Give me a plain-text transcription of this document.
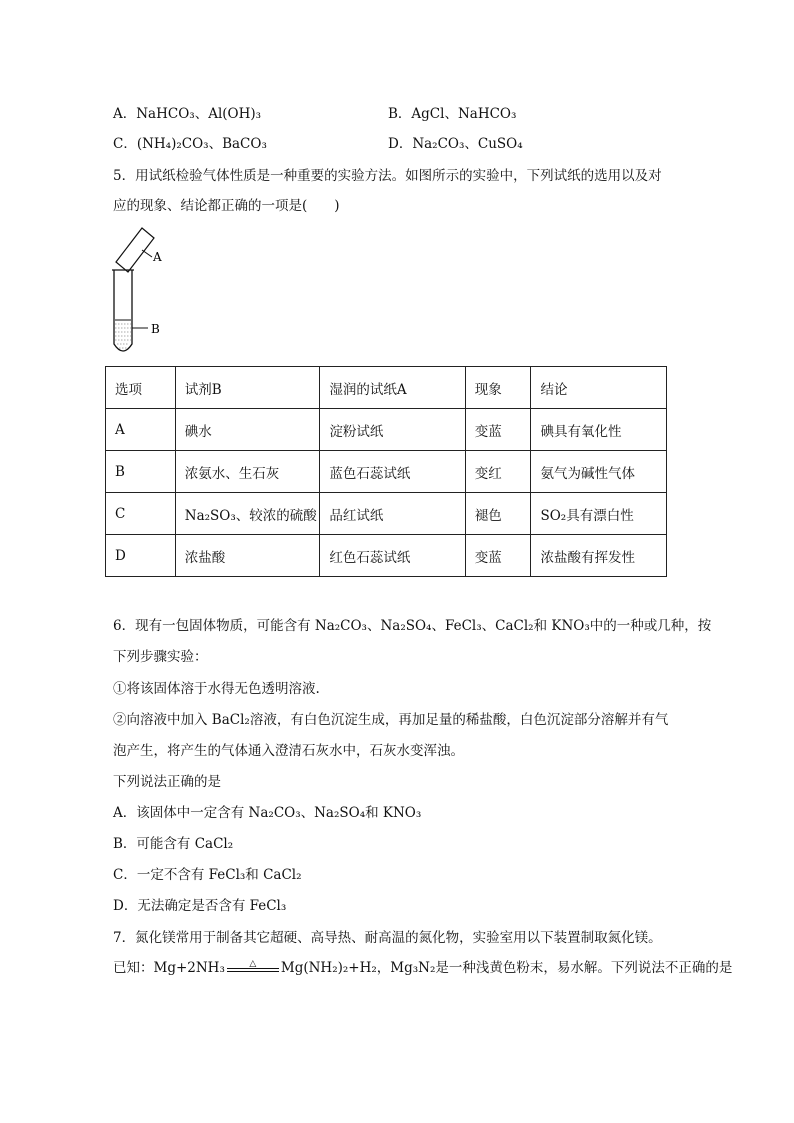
A．NaHCO₃、Al(OH)₃	B．AgCl、NaHCO₃
C．(NH₄)₂CO₃、BaCO₃	D．Na₂CO₃、CuSO₄
5．用试纸检验气体性质是一种重要的实验方法。如图所示的实验中，下列试纸的选用以及对
应的现象、结论都正确的一项是(　　)
A
B
选项	试剂B	湿润的试纸A	现象	结论
A	碘水	淀粉试纸	变蓝	碘具有氧化性
B	浓氨水、生石灰	蓝色石蕊试纸	变红	氨气为碱性气体
C	Na₂SO₃、较浓的硫酸	品红试纸	褪色	SO₂具有漂白性
D	浓盐酸	红色石蕊试纸	变蓝	浓盐酸有挥发性
6．现有一包固体物质，可能含有 Na₂CO₃、Na₂SO₄、FeCl₃、CaCl₂和 KNO₃中的一种或几种，按
下列步骤实验：
①将该固体溶于水得无色透明溶液.
②向溶液中加入 BaCl₂溶液，有白色沉淀生成，再加足量的稀盐酸，白色沉淀部分溶解并有气
泡产生，将产生的气体通入澄清石灰水中，石灰水变浑浊。
下列说法正确的是
A．该固体中一定含有 Na₂CO₃、Na₂SO₄和 KNO₃
B．可能含有 CaCl₂
C．一定不含有 FeCl₃和 CaCl₂
D．无法确定是否含有 FeCl₃
7．氮化镁常用于制备其它超硬、高导热、耐高温的氮化物，实验室用以下装置制取氮化镁。
已知：Mg+2NH₃	△	Mg(NH₂)₂+H₂，Mg₃N₂是一种浅黄色粉末，易水解。下列说法不正确的是
